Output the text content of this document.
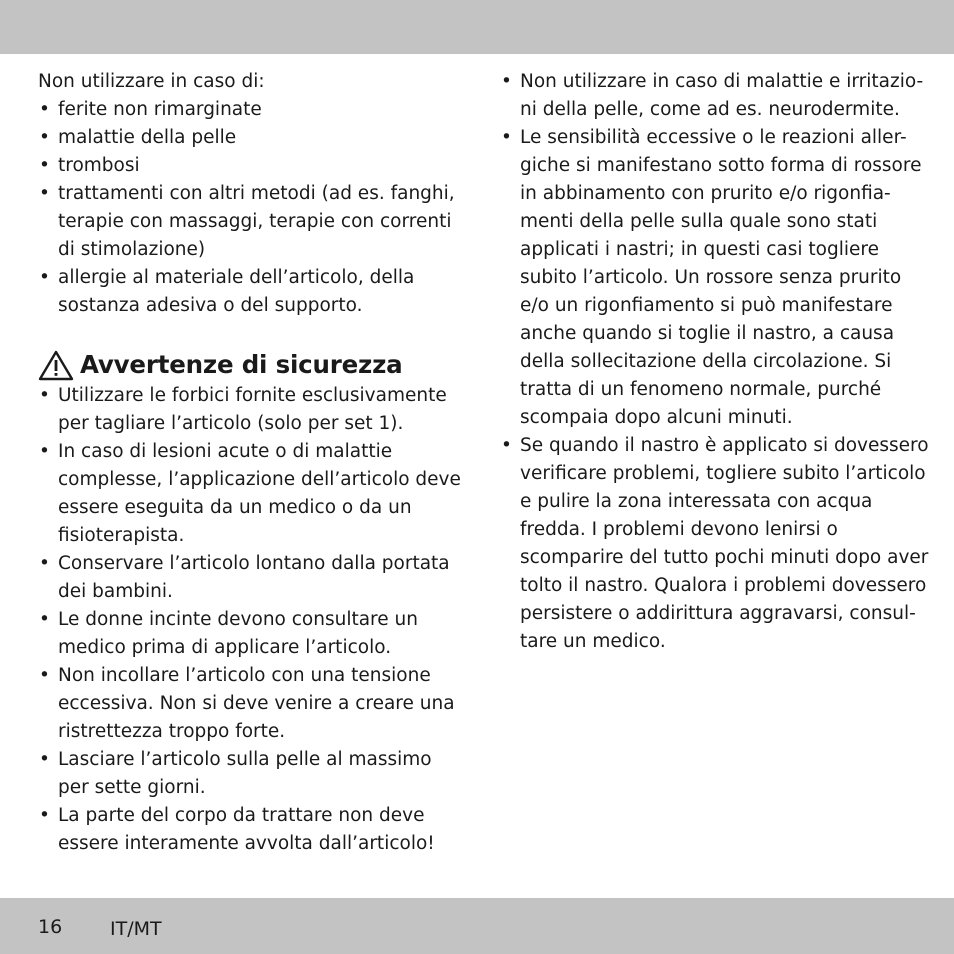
Non utilizzare in caso di:

• ferite non rimarginate
• malattie della pelle
• trombosi
• trattamenti con altri metodi (ad es. fanghi, terapie con massaggi, terapie con correnti di stimolazione)
• allergie al materiale dell’articolo, della sostanza adesiva o del supporto.
Avvertenze di sicurezza
• Utilizzare le forbici fornite esclusivamente per tagliare l’articolo (solo per set 1).
• In caso di lesioni acute o di malattie complesse, l’applicazione dell’articolo deve essere eseguita da un medico o da un fisioterapista.
• Conservare l’articolo lontano dalla portata dei bambini.
• Le donne incinte devono consultare un medico prima di applicare l’articolo.
• Non incollare l’articolo con una tensione eccessiva. Non si deve venire a creare una ristrettezza troppo forte.
• Lasciare l’articolo sulla pelle al massimo per sette giorni.
• La parte del corpo da trattare non deve essere interamente avvolta dall’articolo!
• Non utilizzare in caso di malattie e irritazio-ni della pelle, come ad es. neurodermite.
• Le sensibilità eccessive o le reazioni aller-giche si manifestano sotto forma di rossore in abbinamento con prurito e/o rigonfia-menti della pelle sulla quale sono stati applicati i nastri; in questi casi togliere subito l’articolo. Un rossore senza prurito e/o un rigonfiamento si può manifestare anche quando si toglie il nastro, a causa della sollecitazione della circolazione. Si tratta di un fenomeno normale, purché scompaia dopo alcuni minuti.
• Se quando il nastro è applicato si dovessero verificare problemi, togliere subito l’articolo e pulire la zona interessata con acqua fredda. I problemi devono lenirsi o scomparire del tutto pochi minuti dopo aver tolto il nastro. Qualora i problemi dovessero persistere o addirittura aggravarsi, consul-tare un medico.
16	IT/MT
